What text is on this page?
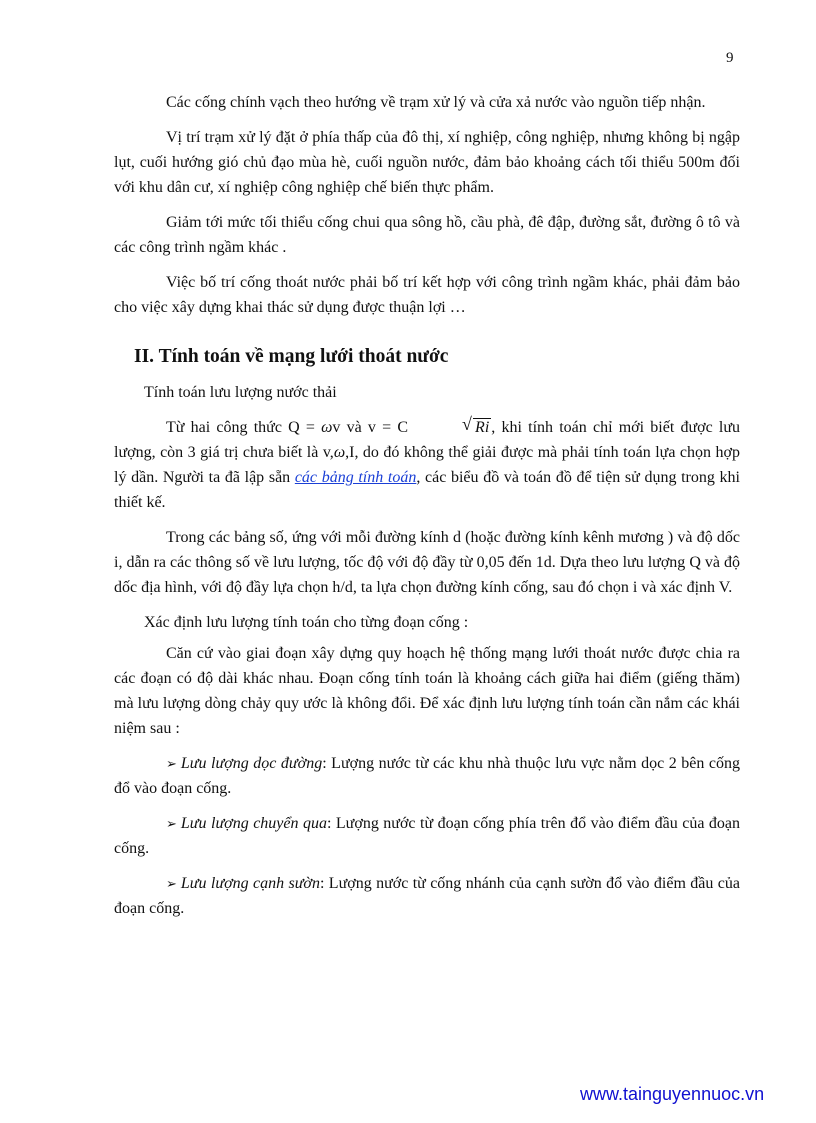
9

Các cống chính vạch theo hướng về trạm xử lý và cửa xả nước vào nguồn tiếp nhận.

Vị trí trạm xử lý đặt ở phía thấp của đô thị, xí nghiệp, công nghiệp, nhưng không bị ngập lụt, cuối hướng gió chủ đạo mùa hè, cuối nguồn nước, đảm bảo khoảng cách tối thiểu 500m đối với khu dân cư, xí nghiệp công nghiệp chế biến thực phẩm.

Giảm tới mức tối thiểu cống chui qua sông hồ, cầu phà, đê đập, đường sắt, đường ô tô và các công trình ngầm khác .

Việc bố trí cống thoát nước phải bố trí kết hợp với công trình ngầm khác, phải đảm bảo cho việc xây dựng khai thác sử dụng được thuận lợi …

II. Tính toán về mạng lưới thoát nước

Tính toán lưu lượng nước thải

Từ hai công thức Q = ωv và v = C	√ Ri , khi tính toán chỉ mới biết được lưu lượng, còn 3 giá trị chưa biết là v,ω,I, do đó không thể giải được mà phải tính toán lựa chọn hợp lý dần. Người ta đã lập sẵn các bảng tính toán, các biểu đồ và toán đồ để tiện sử dụng trong khi thiết kế.

Trong các bảng số, ứng với mỗi đường kính d (hoặc đường kính kênh mương ) và độ dốc i, dẫn ra các thông số về lưu lượng, tốc độ với độ đầy từ 0,05 đến 1d. Dựa theo lưu lượng Q và độ dốc địa hình, với độ đầy lựa chọn h/d, ta lựa chọn đường kính cống, sau đó chọn i và xác định V.

Xác định lưu lượng tính toán cho từng đoạn cống :

Căn cứ vào giai đoạn xây dựng quy hoạch hệ thống mạng lưới thoát nước được chia ra các đoạn có độ dài khác nhau. Đoạn cống tính toán là khoảng cách giữa hai điểm (giếng thăm) mà lưu lượng dòng chảy quy ước là không đổi. Để xác định lưu lượng tính toán cần nắm các khái niệm sau :

➢ Lưu lượng dọc đường: Lượng nước từ các khu nhà thuộc lưu vực nằm dọc 2 bên cống đổ vào đoạn cống.

➢ Lưu lượng chuyển qua: Lượng nước từ đoạn cống phía trên đổ vào điểm đầu của đoạn cống.

➢ Lưu lượng cạnh sườn: Lượng nước từ cống nhánh của cạnh sườn đổ vào điểm đầu của đoạn cống.

www.tainguyennuoc.vn
